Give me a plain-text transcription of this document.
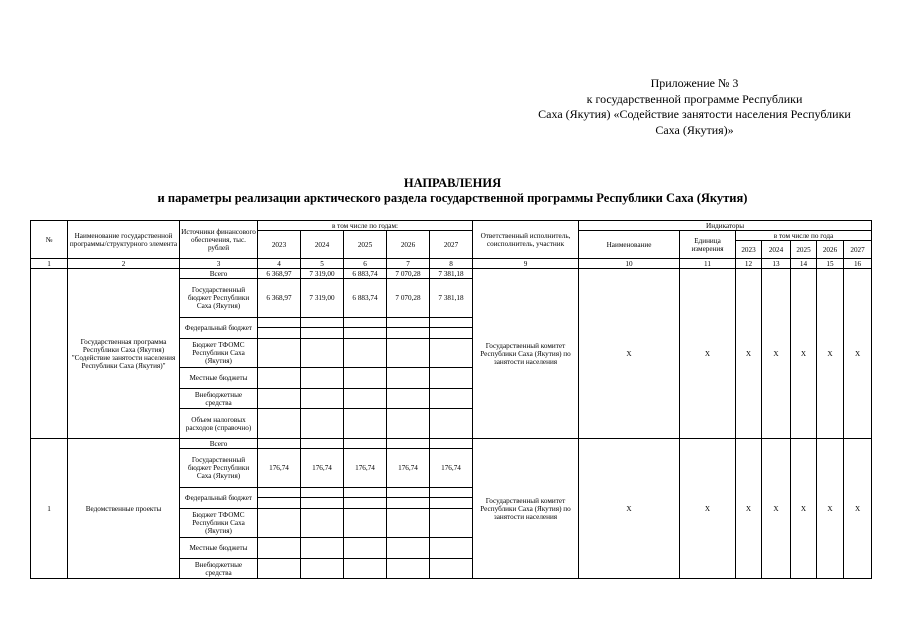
Приложение № 3
к государственной программе Республики
Саха (Якутия) «Содействие занятости населения Республики
Саха (Якутия)»
НАПРАВЛЕНИЯ
и параметры реализации арктического раздела государственной программы Республики Саха (Якутия)
№	Наименование государственной программы/структурного элемента	Источники финансового обеспечения, тыс. рублей	в том числе по годам:					Ответственный исполнитель, соисполнитель, участник	Индикаторы						
			2023	2024	2025	2026	2027		Наименование	Единица измерения	в том числе по года				
											2023	2024	2025	2026	2027
1	2	3	4	5	6	7	8	9	10	11	12	13	14	15	16
	Государственная программа Республики Саха (Якутия) "Содействие занятости населения Республики Саха (Якутия)"	Всего	6 368,97	7 319,00	6 883,74	7 070,28	7 381,18	Государственный комитет Республики Саха (Якутия) по занятости населения	Х	Х	Х	Х	Х	Х	Х
		Государственный бюджет Республики Саха (Якутия)	6 368,97	7 319,00	6 883,74	7 070,28	7 381,18								
		Федеральный бюджет													

		Бюджет ТФОМС Республики Саха (Якутия)													
		Местные бюджеты													
		Внебюджетные средства													
		Объем налоговых расходов (справочно)													
1	Ведомственные проекты	Всего						Государственный комитет Республики Саха (Якутия) по занятости населения	Х	Х	Х	Х	Х	Х	Х
		Государственный бюджет Республики Саха (Якутия)	176,74	176,74	176,74	176,74	176,74								
		Федеральный бюджет													

		Бюджет ТФОМС Республики Саха (Якутия)													
		Местные бюджеты													
		Внебюджетные средства													
